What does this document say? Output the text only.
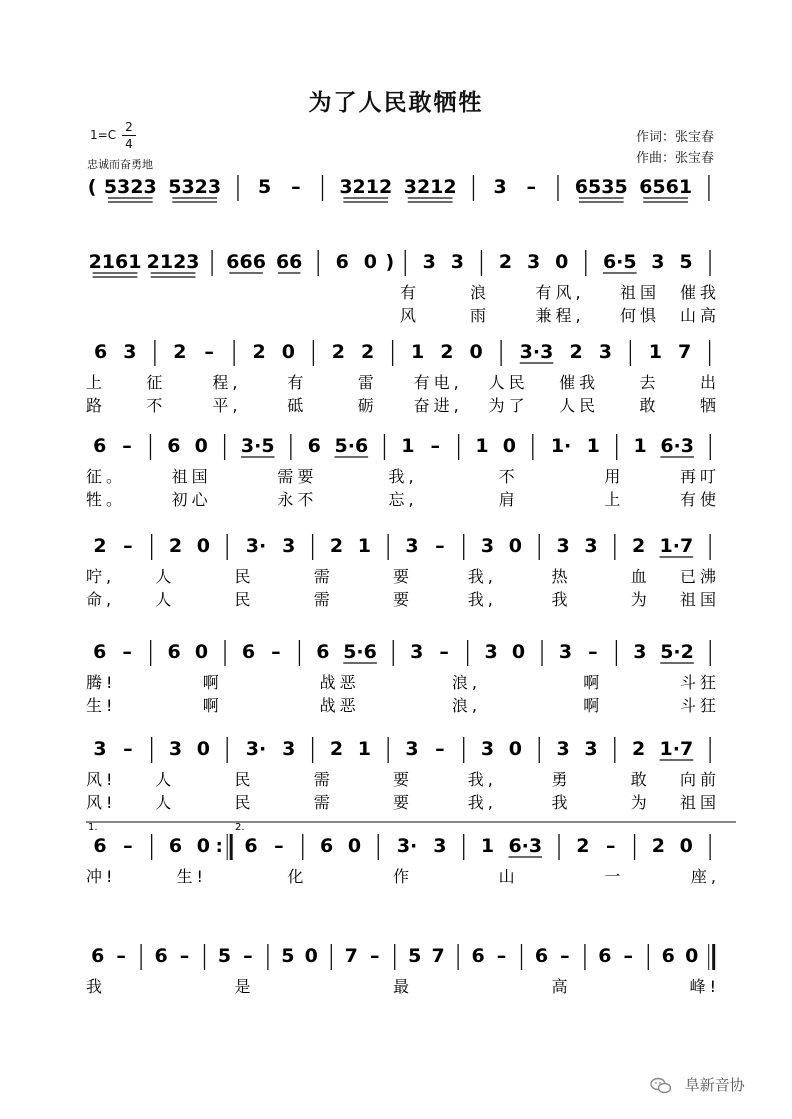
为了人民敢牺牲
1=C
2
4
忠诚而奋勇地
作词：张宝春
作曲：张宝春
( 5323 5323 5 – 3212 3212 3 – 6535 6561
2161 2123 666 66 6 0 ) 3 3 2 3 0 6·5 3 5
有	浪	有风, 祖国 催我
风	雨	兼程, 何惧 山高
6 3 2 – 2 0 2 2 1 2 0 3·3 2 3 1 7
上	征	程,	有	雷 有电, 人民 催我	去	出
路	不	平,	砥	砺 奋进, 为了 人民	敢	牺
6 – 6 0 3·5 6 5·6 1 – 1 0 1· 1 1 6·3
征。	祖国	需要	我,	不	用	再叮
牲。	初心	永不	忘,	肩	上	有使
2 – 2 0 3· 3 2 1 3 – 3 0 3 3 2 1·7
咛,	人	民	需	要	我,	热	血 已沸
命,	人	民	需	要	我,	我	为 祖国
6 – 6 0 6 – 6 5·6 3 – 3 0 3 – 3 5·2
腾!	啊	战恶	浪,	啊	斗狂
生!	啊	战恶	浪,	啊	斗狂
3 – 3 0 3· 3 2 1 3 – 3 0 3 3 2 1·7
风! 人	民	需	要	我,	勇	敢 向前
风! 人	民	需	要	我,	我	为 祖国
6 – 6 0 : 6 – 6 0 3· 3 1 6·3 2 – 2 0
1.	2.
冲!	生!	化	作	山	一	座,
6 – 6 – 5 – 5 0 7 – 5 7 6 – 6 – 6 – 6 0
我	是	最	高	峰!
阜新音协
